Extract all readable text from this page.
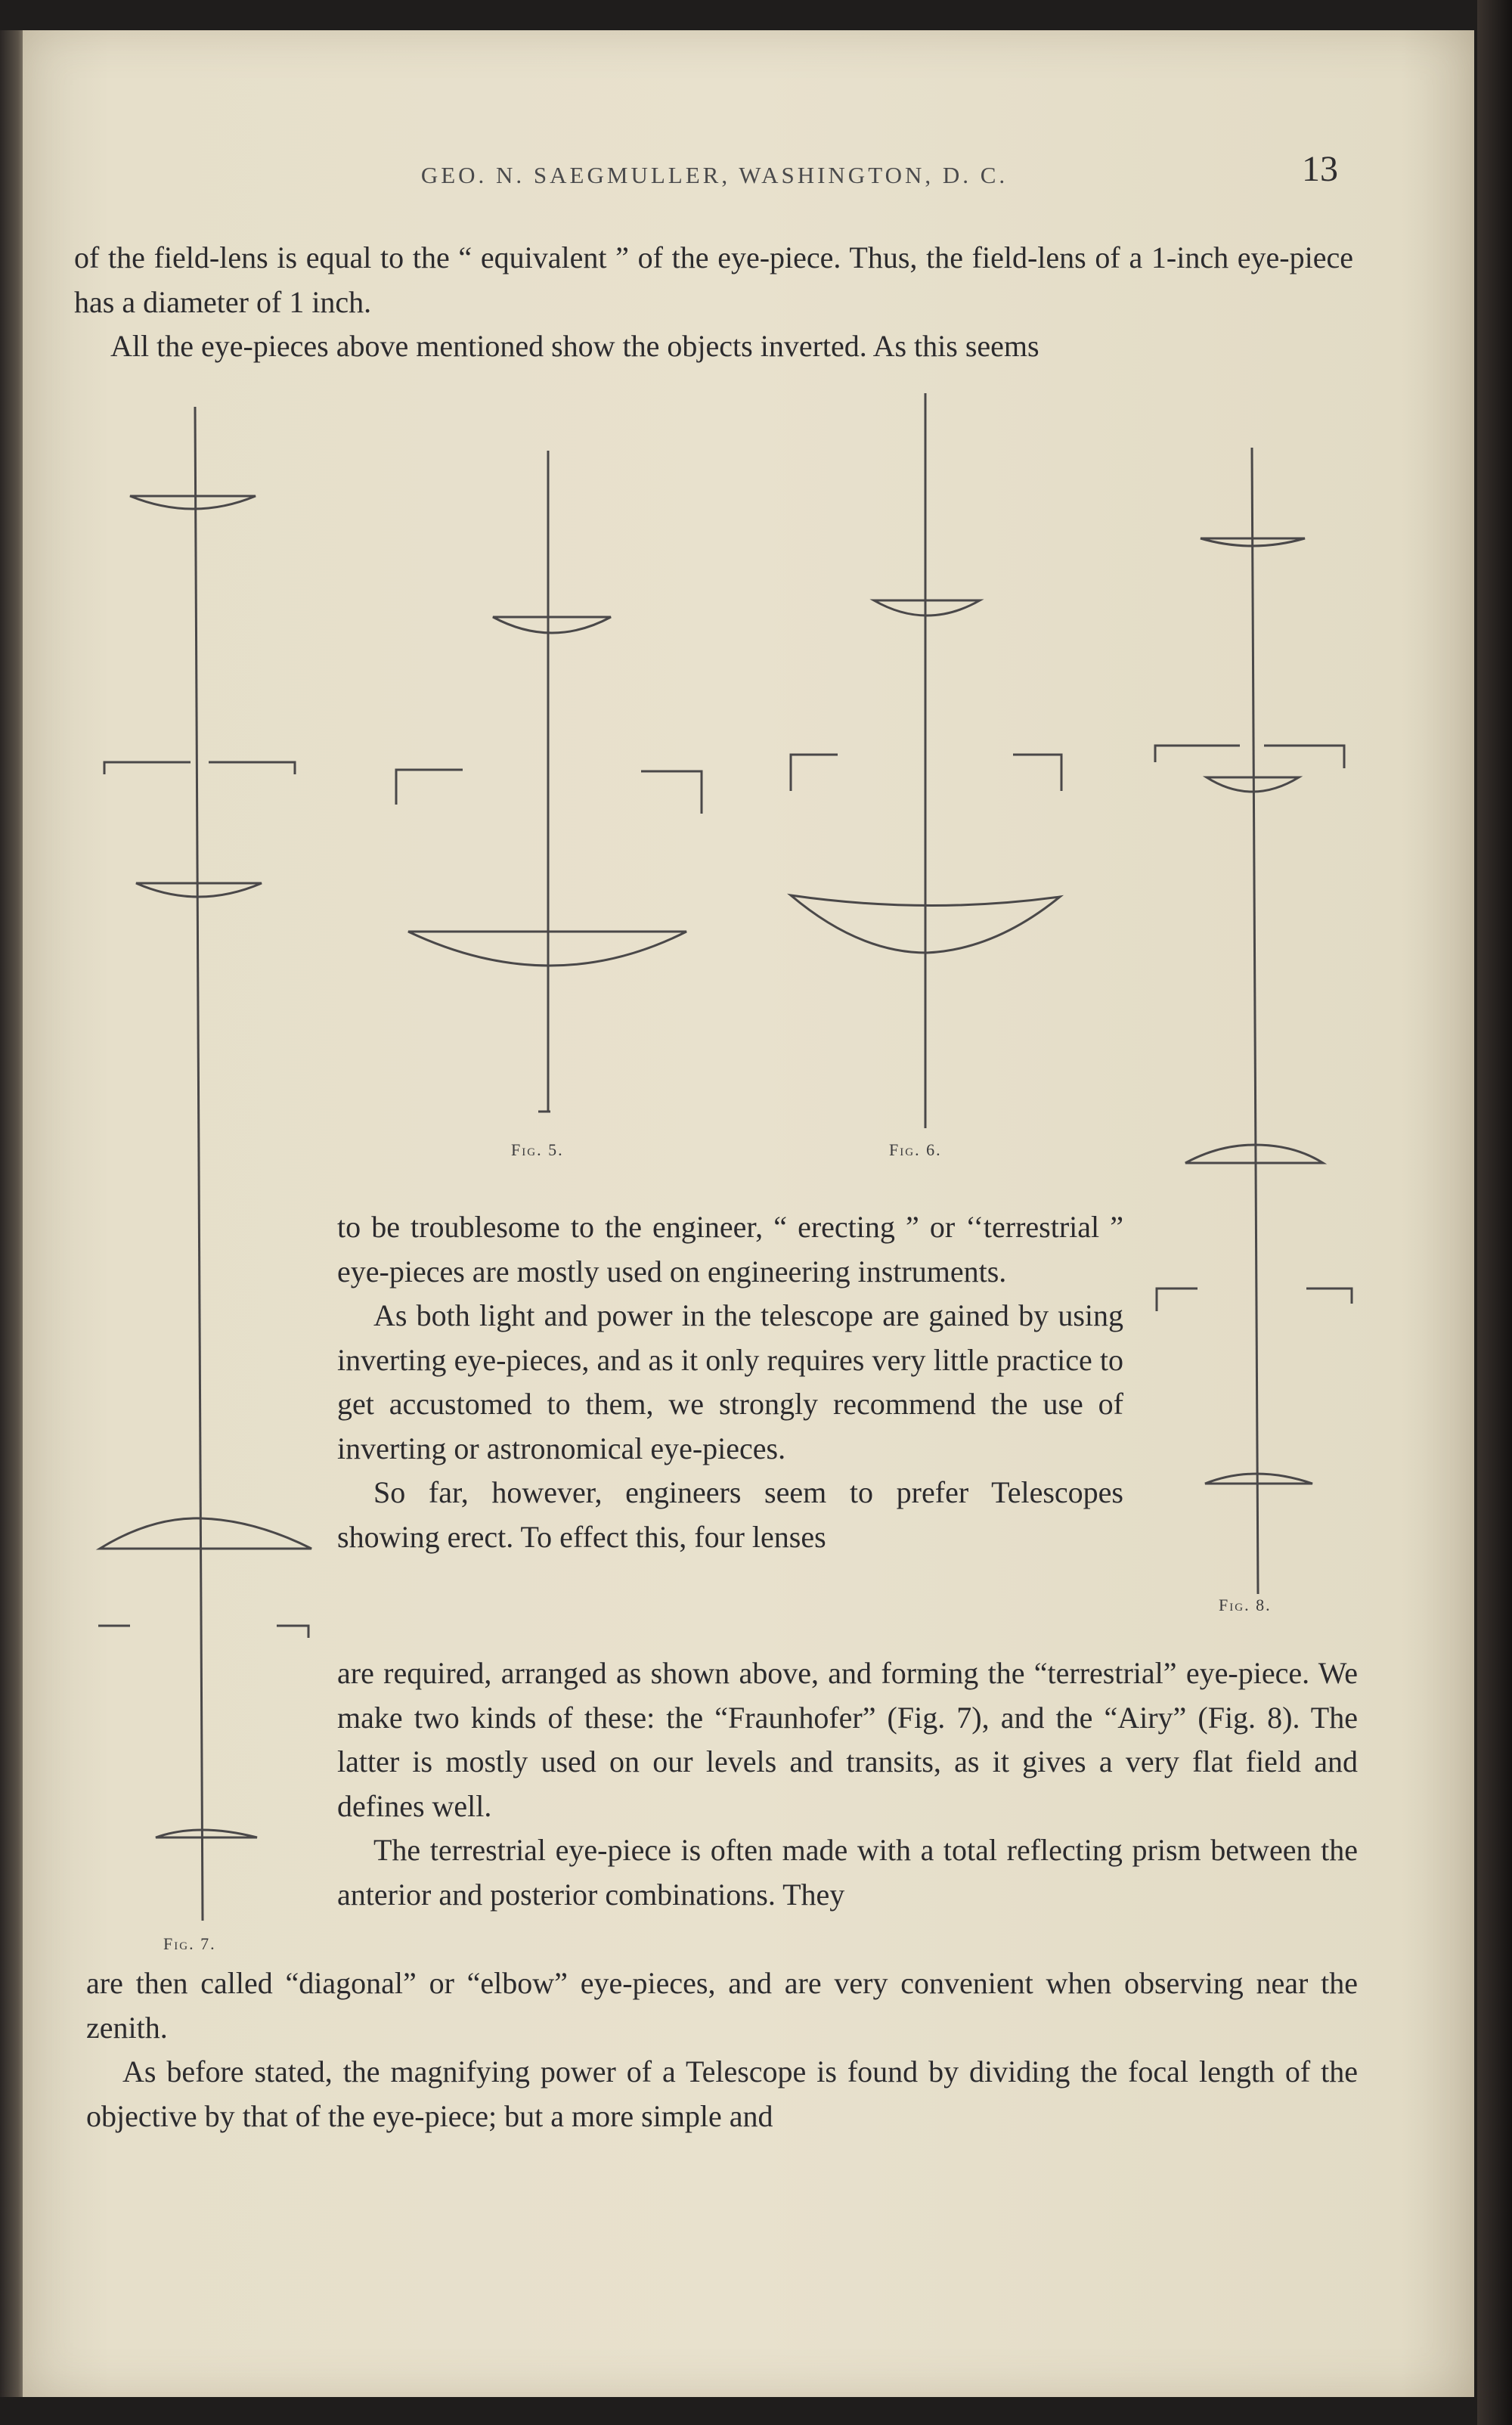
GEO. N. SAEGMULLER, WASHINGTON, D. C.	13

of the field-lens is equal to the “ equivalent ” of the eye-piece. Thus, the field-lens of a 1-inch eye-piece has a diameter of 1 inch.

All the eye-pieces above mentioned show the objects inverted. As this seems

Fig. 5.	Fig. 6.
Fig. 8.
Fig. 7.

to be troublesome to the engineer, “ erecting ” or ‘‘terrestrial ” eye-pieces are mostly used on engineering instruments.

As both light and power in the telescope are gained by using inverting eye-pieces, and as it only requires very little practice to get accustomed to them, we strongly recommend the use of inverting or astronomical eye-pieces.

So far, however, engineers seem to prefer Telescopes showing erect. To effect this, four lenses

are required, arranged as shown above, and forming the “terrestrial” eye-piece. We make two kinds of these: the “Fraunhofer” (Fig. 7), and the “Airy” (Fig. 8). The latter is mostly used on our levels and transits, as it gives a very flat field and defines well.

The terrestrial eye-piece is often made with a total reflecting prism between the anterior and posterior combinations. They

are then called “diagonal” or “elbow” eye-pieces, and are very convenient when observing near the zenith.

As before stated, the magnifying power of a Telescope is found by dividing the focal length of the objective by that of the eye-piece; but a more simple and
